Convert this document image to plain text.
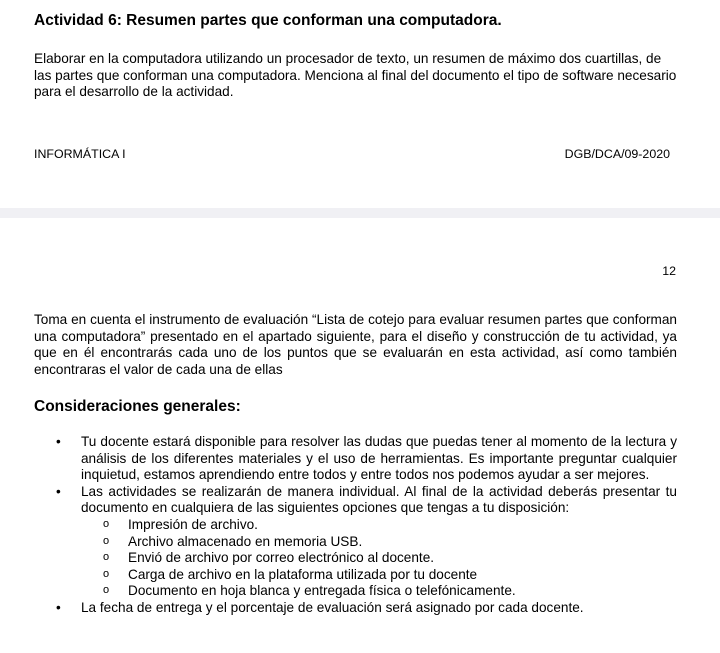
Actividad 6: Resumen partes que conforman una computadora.
Elaborar en la computadora utilizando un procesador de texto, un resumen de máximo dos cuartillas, de las partes que conforman una computadora. Menciona al final del documento el tipo de software necesario para el desarrollo de la actividad.
INFORMÁTICA I	DGB/DCA/09-2020
12
Toma en cuenta el instrumento de evaluación “Lista de cotejo para evaluar resumen partes que conforman una computadora” presentado en el apartado siguiente, para el diseño y construcción de tu actividad, ya que en él encontrarás cada uno de los puntos que se evaluarán en esta actividad, así como también encontraras el valor de cada una de ellas
Consideraciones generales:
• Tu docente estará disponible para resolver las dudas que puedas tener al momento de la lectura y análisis de los diferentes materiales y el uso de herramientas. Es importante preguntar cualquier inquietud, estamos aprendiendo entre todos y entre todos nos podemos ayudar a ser mejores.
• Las actividades se realizarán de manera individual. Al final de la actividad deberás presentar tu documento en cualquiera de las siguientes opciones que tengas a tu disposición:
o Impresión de archivo.
o Archivo almacenado en memoria USB.
o Envió de archivo por correo electrónico al docente.
o Carga de archivo en la plataforma utilizada por tu docente
o Documento en hoja blanca y entregada física o telefónicamente.
• La fecha de entrega y el porcentaje de evaluación será asignado por cada docente.
